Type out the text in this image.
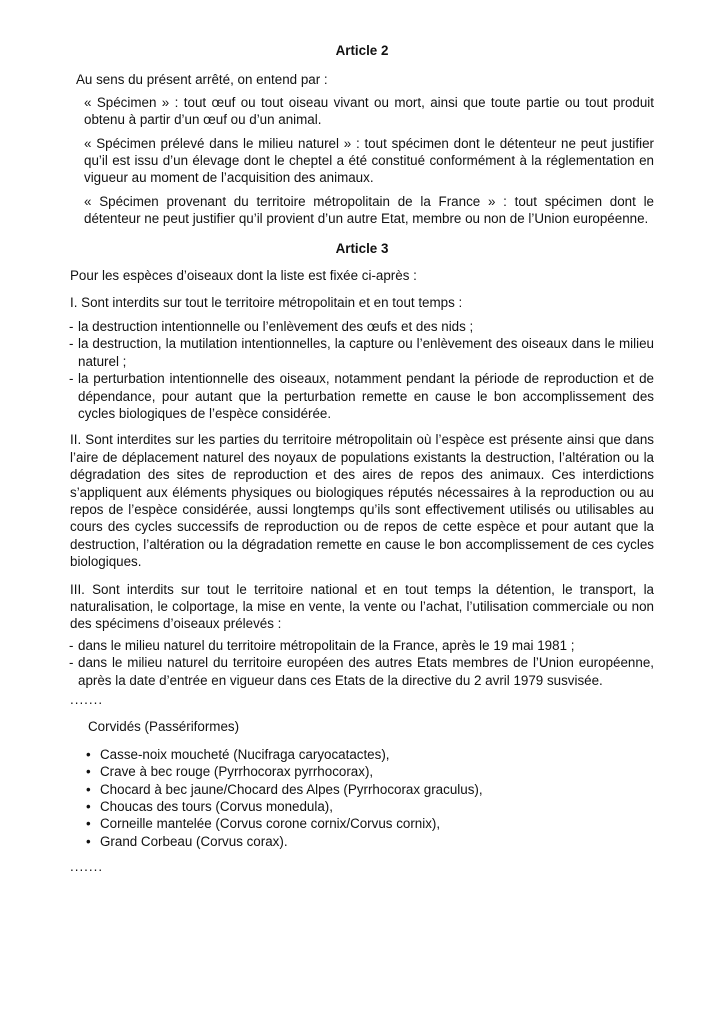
Article 2

Au sens du présent arrêté, on entend par :

« Spécimen » : tout œuf ou tout oiseau vivant ou mort, ainsi que toute partie ou tout produit obtenu à partir d’un œuf ou d’un animal.

« Spécimen prélevé dans le milieu naturel » : tout spécimen dont le détenteur ne peut justifier qu’il est issu d’un élevage dont le cheptel a été constitué conformément à la réglementation en vigueur au moment de l’acquisition des animaux.

« Spécimen provenant du territoire métropolitain de la France » : tout spécimen dont le détenteur ne peut justifier qu’il provient d’un autre Etat, membre ou non de l’Union européenne.

Article 3

Pour les espèces d’oiseaux dont la liste est fixée ci-après :

I. Sont interdits sur tout le territoire métropolitain et en tout temps :

- la destruction intentionnelle ou l’enlèvement des œufs et des nids ;
- la destruction, la mutilation intentionnelles, la capture ou l’enlèvement des oiseaux dans le milieu naturel ;
- la perturbation intentionnelle des oiseaux, notamment pendant la période de reproduction et de dépendance, pour autant que la perturbation remette en cause le bon accomplissement des cycles biologiques de l’espèce considérée.

II. Sont interdites sur les parties du territoire métropolitain où l’espèce est présente ainsi que dans l’aire de déplacement naturel des noyaux de populations existants la destruction, l’altération ou la dégradation des sites de reproduction et des aires de repos des animaux. Ces interdictions s’appliquent aux éléments physiques ou biologiques réputés nécessaires à la reproduction ou au repos de l’espèce considérée, aussi longtemps qu’ils sont effectivement utilisés ou utilisables au cours des cycles successifs de reproduction ou de repos de cette espèce et pour autant que la destruction, l’altération ou la dégradation remette en cause le bon accomplissement de ces cycles biologiques.

III. Sont interdits sur tout le territoire national et en tout temps la détention, le transport, la naturalisation, le colportage, la mise en vente, la vente ou l’achat, l’utilisation commerciale ou non des spécimens d’oiseaux prélevés :

- dans le milieu naturel du territoire métropolitain de la France, après le 19 mai 1981 ;
- dans le milieu naturel du territoire européen des autres Etats membres de l’Union européenne, après la date d’entrée en vigueur dans ces Etats de la directive du 2 avril 1979 susvisée.

.......

Corvidés (Passériformes)

• Casse-noix moucheté (Nucifraga caryocatactes),
• Crave à bec rouge (Pyrrhocorax pyrrhocorax),
• Chocard à bec jaune/Chocard des Alpes (Pyrrhocorax graculus),
• Choucas des tours (Corvus monedula),
• Corneille mantelée (Corvus corone cornix/Corvus cornix),
• Grand Corbeau (Corvus corax).

.......
